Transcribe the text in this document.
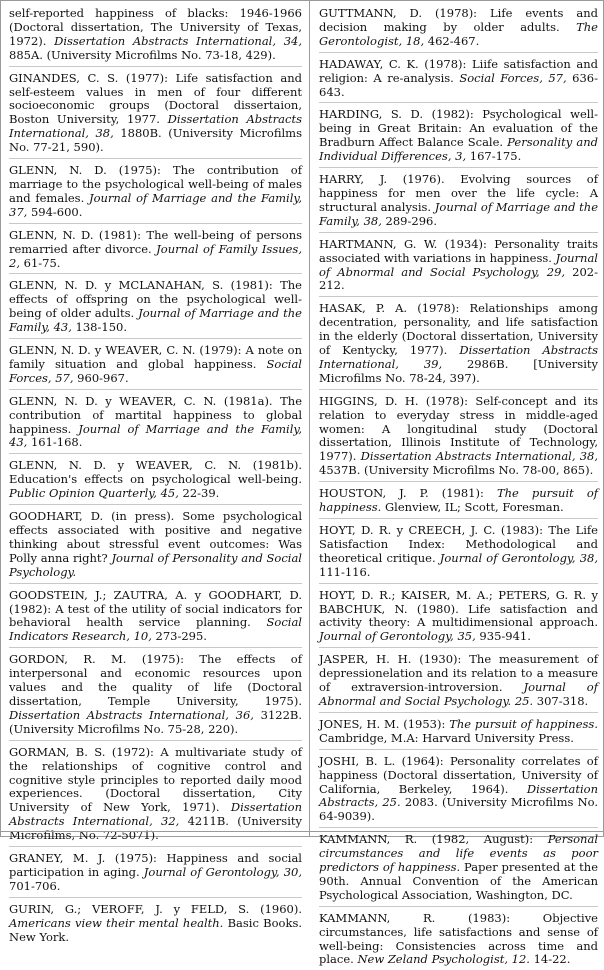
self-reported happiness of blacks: 1946-1966 (Doctoral dissertation, The University of Texas, 1972). Dissertation Abstracts International, 34, 885A. (University Microfilms No. 73-18, 429).

GINANDES, C. S. (1977): Life satisfaction and self-esteem values in men of four different socioeconomic groups (Doctoral dissertaion, Boston University, 1977. Dissertation Abstracts International, 38, 1880B. (University Microfilms No. 77-21, 590).

GLENN, N. D. (1975): The contribution of marriage to the psychological well-being of males and females. Journal of Marriage and the Family, 37, 594-600.

GLENN, N. D. (1981): The well-being of persons remarried after divorce. Journal of Family Issues, 2, 61-75.

GLENN, N. D. y MCLANAHAN, S. (1981): The effects of offspring on the psychological well-being of older adults. Journal of Marriage and the Family, 43, 138-150.

GLENN, N. D. y WEAVER, C. N. (1979): A note on family situation and global happiness. Social Forces, 57, 960-967.

GLENN, N. D. y WEAVER, C. N. (1981a). The contribution of martital happiness to global happiness. Journal of Marriage and the Family, 43, 161-168.

GLENN, N. D. y WEAVER, C. N. (1981b). Education's effects on psychological well-being. Public Opinion Quarterly, 45, 22-39.

GOODHART, D. (in press). Some psychological effects associated with positive and negative thinking about stressful event outcomes: Was Polly anna right? Journal of Personality and Social Psychology.

GOODSTEIN, J.; ZAUTRA, A. y GOODHART, D. (1982): A test of the utility of social indicators for behavioral health service planning. Social Indicators Research, 10, 273-295.

GORDON, R. M. (1975): The effects of interpersonal and economic resources upon values and the quality of life (Doctoral dissertation, Temple University, 1975). Dissertation Abstracts International, 36, 3122B. (University Microfilms No. 75-28, 220).

GORMAN, B. S. (1972): A multivariate study of the relationships of cognitive control and cognitive style principles to reported daily mood experiences. (Doctoral dissertation, City University of New York, 1971). Dissertation Abstracts International, 32, 4211B. (University Microfilms, No. 72-5071).

GRANEY, M. J. (1975): Happiness and social participation in aging. Journal of Gerontology, 30, 701-706.

GURIN, G.; VEROFF, J. y FELD, S. (1960). Americans view their mental health. Basic Books. New York.

GUTTMANN, D. (1978): Life events and decision making by older adults. The Gerontologist, 18, 462-467.

HADAWAY, C. K. (1978): Liife satisfaction and religion: A re-analysis. Social Forces, 57, 636-643.

HARDING, S. D. (1982): Psychological well-being in Great Britain: An evaluation of the Bradburn Affect Balance Scale. Personality and Individual Differences, 3, 167-175.

HARRY, J. (1976). Evolving sources of happiness for men over the life cycle: A structural analysis. Journal of Marriage and the Family, 38, 289-296.

HARTMANN, G. W. (1934): Personality traits associated with variations in happiness. Journal of Abnormal and Social Psychology, 29, 202-212.

HASAK, P. A. (1978): Relationships among decentration, personality, and life satisfaction in the elderly (Doctoral dissertation, University of Kentycky, 1977). Dissertation Abstracts International, 39, 2986B. [University Microfilms No. 78-24, 397).

HIGGINS, D. H. (1978): Self-concept and its relation to everyday stress in middle-aged women: A longitudinal study (Doctoral dissertation, Illinois Institute of Technology, 1977). Dissertation Abstracts International, 38, 4537B. (University Microfilms No. 78-00, 865).

HOUSTON, J. P. (1981): The pursuit of happiness. Glenview, IL; Scott, Foresman.

HOYT, D. R. y CREECH, J. C. (1983): The Life Satisfaction Index: Methodological and theoretical critique. Journal of Gerontology, 38, 111-116.

HOYT, D. R.; KAISER, M. A.; PETERS, G. R. y BABCHUK, N. (1980). Life satisfaction and activity theory: A multidimensional approach. Journal of Gerontology, 35, 935-941.

JASPER, H. H. (1930): The measurement of depressionelation and its relation to a measure of extraversion-introversion. Journal of Abnormal and Social Psychology. 25. 307-318.

JONES, H. M. (1953): The pursuit of happiness. Cambridge, M.A: Harvard University Press.

JOSHI, B. L. (1964): Personality correlates of happiness (Doctoral dissertation, University of California, Berkeley, 1964). Dissertation Abstracts, 25. 2083. (University Microfilms No. 64-9039).

KAMMANN, R. (1982, August): Personal circumstances and life events as poor predictors of happiness. Paper presented at the 90th. Annual Convention of the American Psychological Association, Washington, DC.

KAMMANN, R. (1983): Objective circumstances, life satisfactions and sense of well-being: Consistencies across time and place. New Zeland Psychologist, 12. 14-22.
